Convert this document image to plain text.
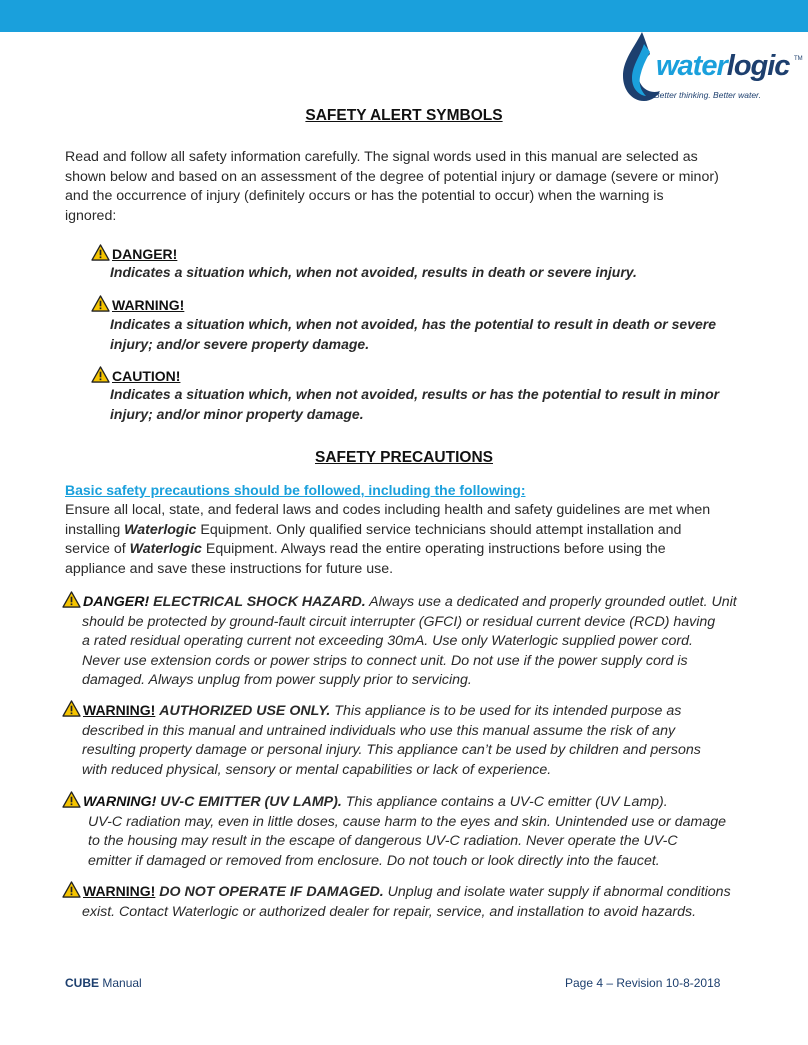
waterlogic TM
Better thinking. Better water.
SAFETY ALERT SYMBOLS
Read and follow all safety information carefully. The signal words used in this manual are selected as
shown below and based on an assessment of the degree of potential injury or damage (severe or minor)
and the occurrence of injury (definitely occurs or has the potential to occur) when the warning is
ignored:
DANGER!
Indicates a situation which, when not avoided, results in death or severe injury.
WARNING!
Indicates a situation which, when not avoided, has the potential to result in death or severe
injury; and/or severe property damage.
CAUTION!
Indicates a situation which, when not avoided, results or has the potential to result in minor
injury; and/or minor property damage.
SAFETY PRECAUTIONS
Basic safety precautions should be followed, including the following:
Ensure all local, state, and federal laws and codes including health and safety guidelines are met when
installing Waterlogic Equipment. Only qualified service technicians should attempt installation and
service of Waterlogic Equipment. Always read the entire operating instructions before using the
appliance and save these instructions for future use.
DANGER! ELECTRICAL SHOCK HAZARD. Always use a dedicated and properly grounded outlet. Unit
should be protected by ground-fault circuit interrupter (GFCI) or residual current device (RCD) having
a rated residual operating current not exceeding 30mA. Use only Waterlogic supplied power cord.
Never use extension cords or power strips to connect unit. Do not use if the power supply cord is
damaged. Always unplug from power supply prior to servicing.
WARNING! AUTHORIZED USE ONLY. This appliance is to be used for its intended purpose as
described in this manual and untrained individuals who use this manual assume the risk of any
resulting property damage or personal injury. This appliance can’t be used by children and persons
with reduced physical, sensory or mental capabilities or lack of experience.
WARNING! UV-C EMITTER (UV LAMP). This appliance contains a UV-C emitter (UV Lamp).
UV-C radiation may, even in little doses, cause harm to the eyes and skin. Unintended use or damage
to the housing may result in the escape of dangerous UV-C radiation. Never operate the UV-C
emitter if damaged or removed from enclosure. Do not touch or look directly into the faucet.
WARNING! DO NOT OPERATE IF DAMAGED. Unplug and isolate water supply if abnormal conditions
exist. Contact Waterlogic or authorized dealer for repair, service, and installation to avoid hazards.
CUBE Manual	Page 4 – Revision 10-8-2018
